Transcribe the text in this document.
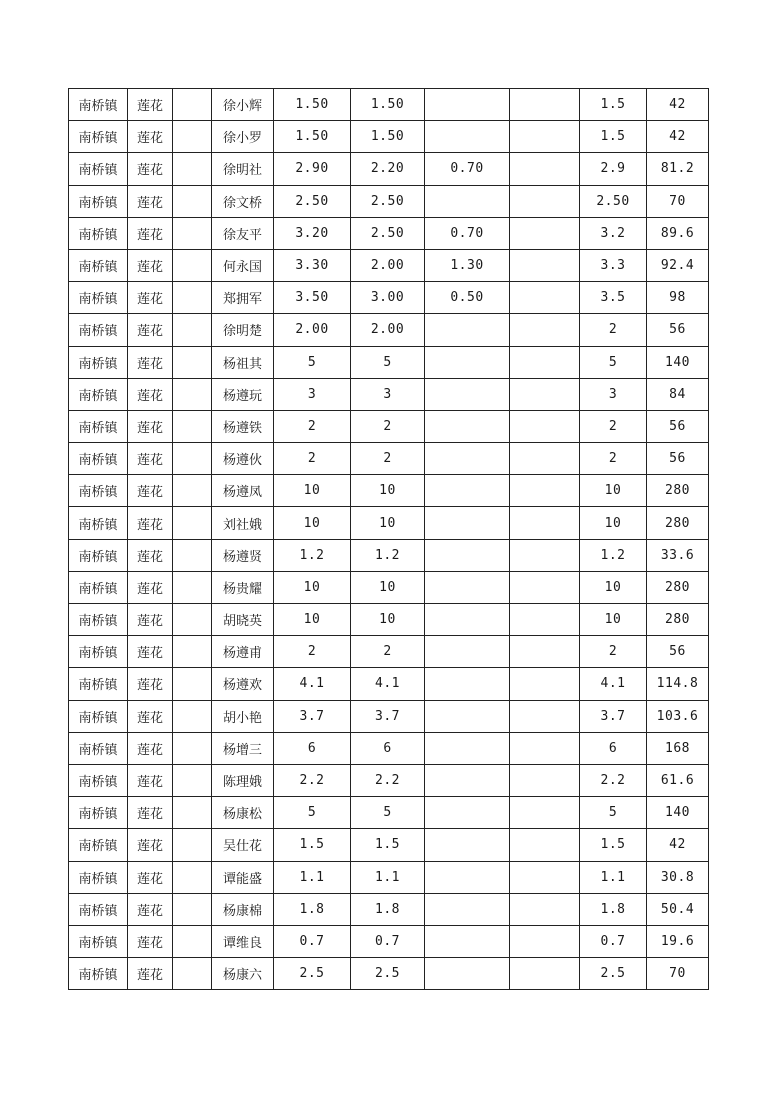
南桥镇	莲花		徐小辉	1.50	1.50			1.5	42
南桥镇	莲花		徐小罗	1.50	1.50			1.5	42
南桥镇	莲花		徐明社	2.90	2.20	0.70		2.9	81.2
南桥镇	莲花		徐文桥	2.50	2.50			2.50	70
南桥镇	莲花		徐友平	3.20	2.50	0.70		3.2	89.6
南桥镇	莲花		何永国	3.30	2.00	1.30		3.3	92.4
南桥镇	莲花		郑拥军	3.50	3.00	0.50		3.5	98
南桥镇	莲花		徐明楚	2.00	2.00			2	56
南桥镇	莲花		杨祖其	5	5			5	140
南桥镇	莲花		杨遵玩	3	3			3	84
南桥镇	莲花		杨遵铁	2	2			2	56
南桥镇	莲花		杨遵伙	2	2			2	56
南桥镇	莲花		杨遵凤	10	10			10	280
南桥镇	莲花		刘社娥	10	10			10	280
南桥镇	莲花		杨遵贤	1.2	1.2			1.2	33.6
南桥镇	莲花		杨贵耀	10	10			10	280
南桥镇	莲花		胡晓英	10	10			10	280
南桥镇	莲花		杨遵甫	2	2			2	56
南桥镇	莲花		杨遵欢	4.1	4.1			4.1	114.8
南桥镇	莲花		胡小艳	3.7	3.7			3.7	103.6
南桥镇	莲花		杨增三	6	6			6	168
南桥镇	莲花		陈理娥	2.2	2.2			2.2	61.6
南桥镇	莲花		杨康松	5	5			5	140
南桥镇	莲花		吴仕花	1.5	1.5			1.5	42
南桥镇	莲花		谭能盛	1.1	1.1			1.1	30.8
南桥镇	莲花		杨康棉	1.8	1.8			1.8	50.4
南桥镇	莲花		谭维良	0.7	0.7			0.7	19.6
南桥镇	莲花		杨康六	2.5	2.5			2.5	70
